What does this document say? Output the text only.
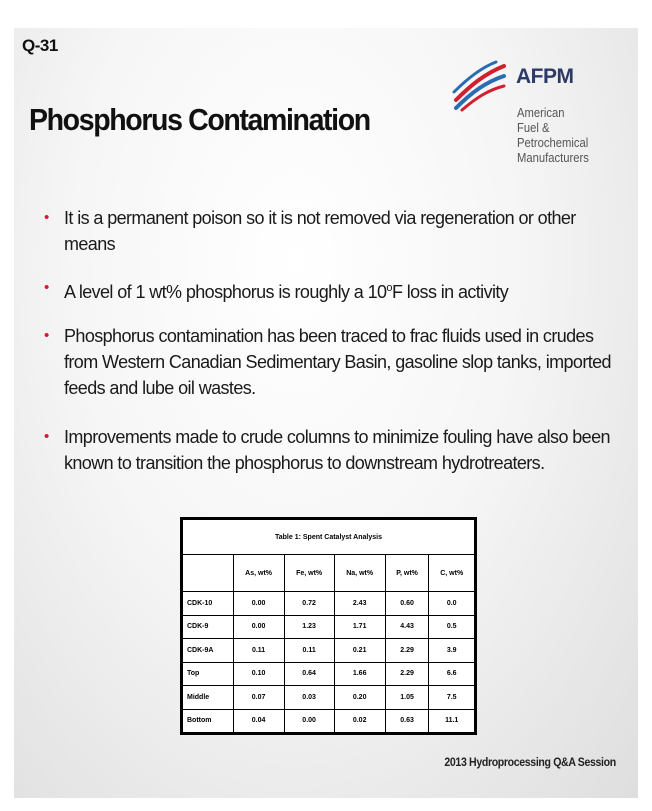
Q-31
Phosphorus Contamination
AFPM
American
Fuel & Petrochemical
Manufacturers
• It is a permanent poison so it is not removed via regeneration or other means
• A level of 1 wt% phosphorus is roughly a 10$^o$F loss in activity
• Phosphorus contamination has been traced to frac fluids used in crudes from Western Canadian Sedimentary Basin, gasoline slop tanks, imported feeds and lube oil wastes.
• Improvements made to crude columns to minimize fouling have also been known to transition the phosphorus to downstream hydrotreaters.
Table 1: Spent Catalyst Analysis					
	As, wt%	Fe, wt%	Na, wt%	P, wt%	C, wt%
CDK-10	0.00	0.72	2.43	0.60	0.0
CDK-9	0.00	1.23	1.71	4.43	0.5
CDK-9A	0.11	0.11	0.21	2.29	3.9
Top	0.10	0.64	1.66	2.29	6.6
Middle	0.07	0.03	0.20	1.05	7.5
Bottom	0.04	0.00	0.02	0.63	11.1
2013 Hydroprocessing Q&A Session
